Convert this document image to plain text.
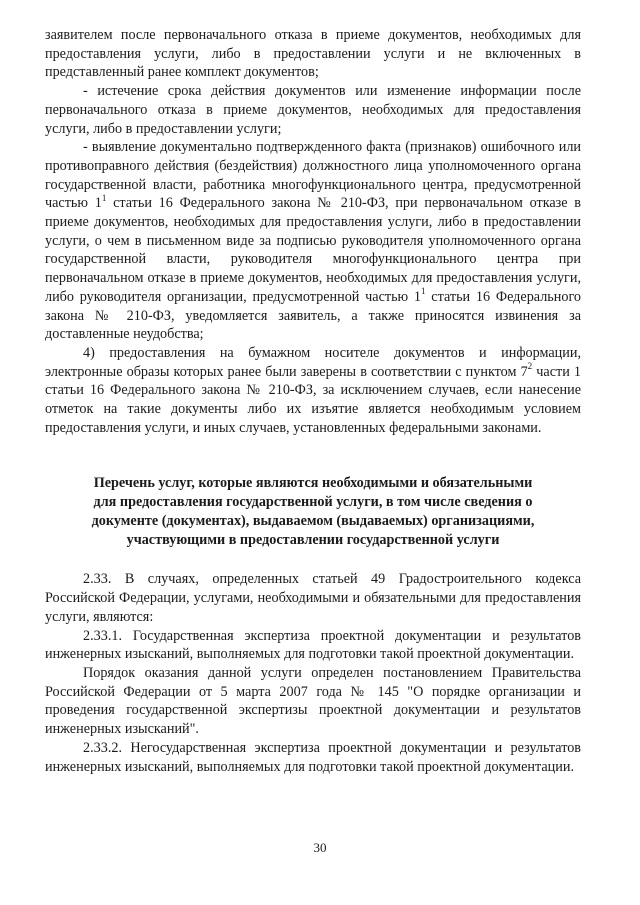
заявителем после первоначального отказа в приеме документов, необходимых для предоставления услуги, либо в предоставлении услуги и не включенных в представленный ранее комплект документов;

- истечение срока действия документов или изменение информации после первоначального отказа в приеме документов, необходимых для предоставления услуги, либо в предоставлении услуги;

- выявление документально подтвержденного факта (признаков) ошибочного или противоправного действия (бездействия) должностного лица уполномоченного органа государственной власти, работника многофункционального центра, предусмотренной частью $1^1$ статьи 16 Федерального закона № 210-ФЗ, при первоначальном отказе в приеме документов, необходимых для предоставления услуги, либо в предоставлении услуги, о чем в письменном виде за подписью руководителя уполномоченного органа государственной власти, руководителя многофункционального центра при первоначальном отказе в приеме документов, необходимых для предоставления услуги, либо руководителя организации, предусмотренной частью $1^1$ статьи 16 Федерального закона № 210-ФЗ, уведомляется заявитель, а также приносятся извинения за доставленные неудобства;

4) предоставления на бумажном носителе документов и информации, электронные образы которых ранее были заверены в соответствии с пунктом $7^2$ части 1 статьи 16 Федерального закона № 210-ФЗ, за исключением случаев, если нанесение отметок на такие документы либо их изъятие является необходимым условием предоставления услуги, и иных случаев, установленных федеральными законами.

Перечень услуг, которые являются необходимыми и обязательными
для предоставления государственной услуги, в том числе сведения о
документе (документах), выдаваемом (выдаваемых) организациями,
участвующими в предоставлении государственной услуги

2.33. В случаях, определенных статьей 49 Градостроительного кодекса Российской Федерации, услугами, необходимыми и обязательными для предоставления услуги, являются:

2.33.1. Государственная экспертиза проектной документации и результатов инженерных изысканий, выполняемых для подготовки такой проектной документации.

Порядок оказания данной услуги определен постановлением Правительства Российской Федерации от 5 марта 2007 года № 145 "О порядке организации и проведения государственной экспертизы проектной документации и результатов инженерных изысканий".

2.33.2. Негосударственная экспертиза проектной документации и результатов инженерных изысканий, выполняемых для подготовки такой проектной документации.

30
